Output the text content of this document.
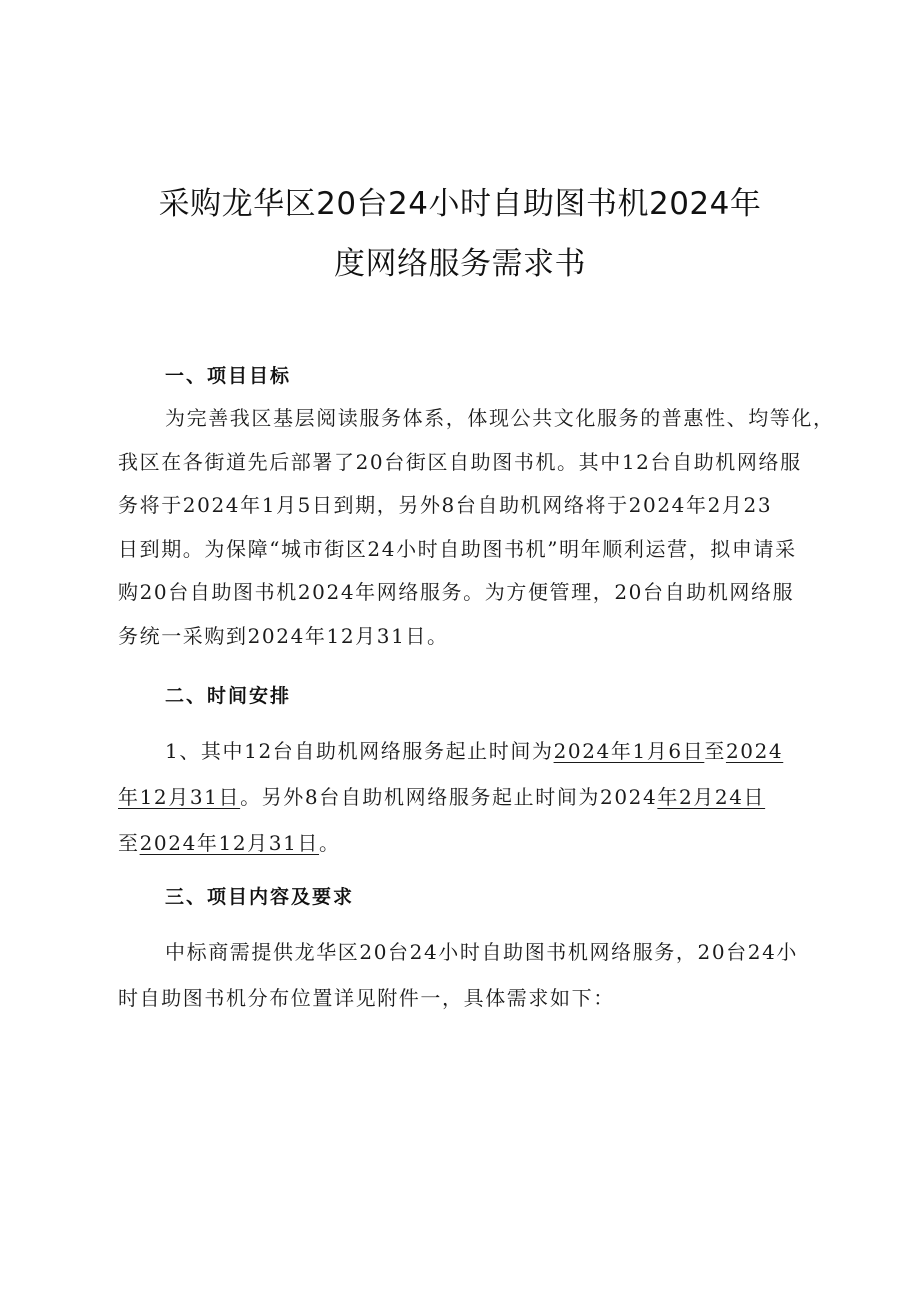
采购龙华区20台24小时自助图书机2024年
度网络服务需求书
一、项目目标
为完善我区基层阅读服务体系，体现公共文化服务的普惠性、均等化，
我区在各街道先后部署了20台街区自助图书机。其中12台自助机网络服
务将于2024年1月5日到期，另外8台自助机网络将于2024年2月23
日到期。为保障“城市街区24小时自助图书机”明年顺利运营，拟申请采
购20台自助图书机2024年网络服务。为方便管理，20台自助机网络服
务统一采购到2024年12月31日。
二、时间安排
1、其中12台自助机网络服务起止时间为2024年1月6日至2024
年12月31日。另外8台自助机网络服务起止时间为2024年2月24日
至2024年12月31日。
三、项目内容及要求
中标商需提供龙华区20台24小时自助图书机网络服务，20台24小
时自助图书机分布位置详见附件一，具体需求如下：
